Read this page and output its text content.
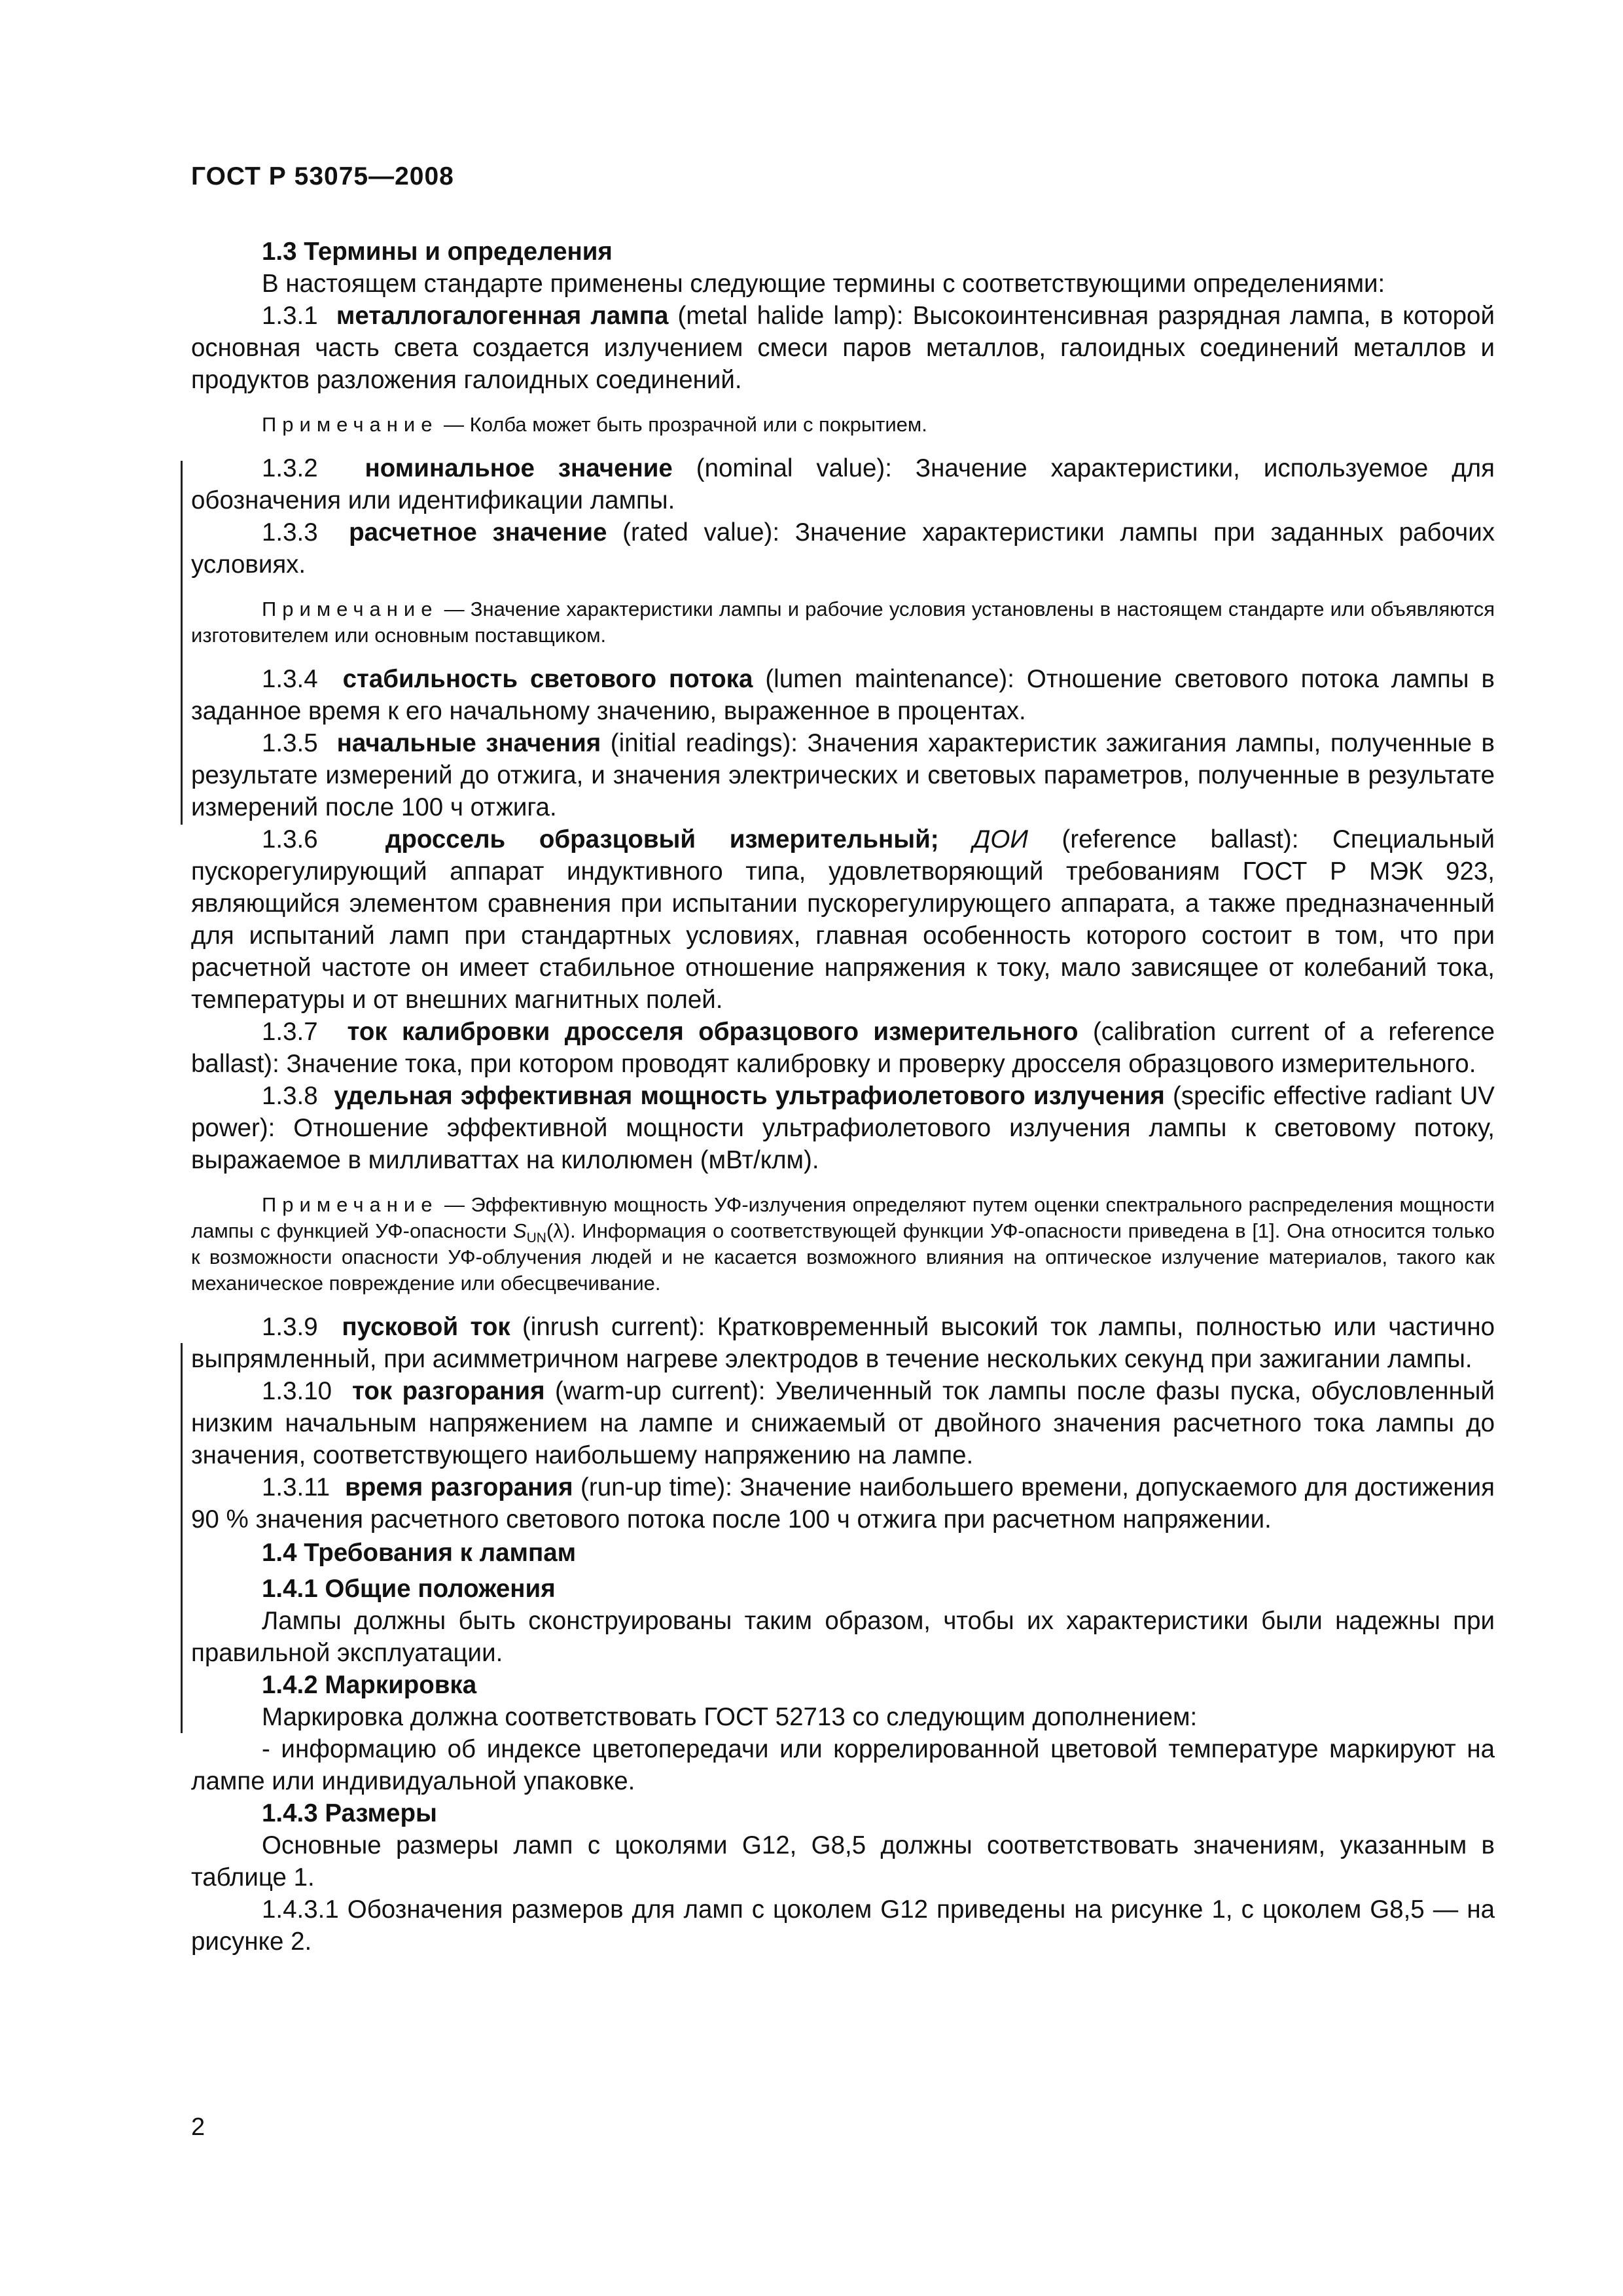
ГОСТ Р 53075—2008

1.3 Термины и определения

В настоящем стандарте применены следующие термины с соответствующими определениями:

1.3.1 металлогалогенная лампа (metal halide lamp): Высокоинтенсивная разрядная лампа, в которой основная часть света создается излучением смеси паров металлов, галоидных соединений металлов и продуктов разложения галоидных соединений.

Примечание — Колба может быть прозрачной или с покрытием.

1.3.2 номинальное значение (nominal value): Значение характеристики, используемое для обозначения или идентификации лампы.

1.3.3 расчетное значение (rated value): Значение характеристики лампы при заданных рабочих условиях.

Примечание — Значение характеристики лампы и рабочие условия установлены в настоящем стандарте или объявляются изготовителем или основным поставщиком.

1.3.4 стабильность светового потока (lumen maintenance): Отношение светового потока лампы в заданное время к его начальному значению, выраженное в процентах.

1.3.5 начальные значения (initial readings): Значения характеристик зажигания лампы, полученные в результате измерений до отжига, и значения электрических и световых параметров, полученные в результате измерений после 100 ч отжига.

1.3.6	дроссель образцовый измерительный; ДОИ (reference ballast): Специальный пускорегулирующий аппарат индуктивного типа, удовлетворяющий требованиям ГОСТ Р МЭК 923, являющийся элементом сравнения при испытании пускорегулирующего аппарата, а также предназначенный для испытаний ламп при стандартных условиях, главная особенность которого состоит в том, что при расчетной частоте он имеет стабильное отношение напряжения к току, мало зависящее от колебаний тока, температуры и от внешних магнитных полей.

1.3.7 ток калибровки дросселя образцового измерительного (calibration current of a reference ballast): Значение тока, при котором проводят калибровку и проверку дросселя образцового измерительного.

1.3.8 удельная эффективная мощность ультрафиолетового излучения (specific effective radiant UV power): Отношение эффективной мощности ультрафиолетового излучения лампы к световому потоку, выражаемое в милливаттах на килолюмен (мВт/клм).

Примечание — Эффективную мощность УФ-излучения определяют путем оценки спектрального распределения мощности лампы с функцией УФ-опасности $S_{UN}(\lambda)$. Информация о соответствующей функции УФ-опасности приведена в [1]. Она относится только к возможности опасности УФ-облучения людей и не касается возможного влияния на оптическое излучение материалов, такого как механическое повреждение или обесцвечивание.

1.3.9 пусковой ток (inrush current): Кратковременный высокий ток лампы, полностью или частично выпрямленный, при асимметричном нагреве электродов в течение нескольких секунд при зажигании лампы.

1.3.10 ток разгорания (warm-up current): Увеличенный ток лампы после фазы пуска, обусловленный низким начальным напряжением на лампе и снижаемый от двойного значения расчетного тока лампы до значения, соответствующего наибольшему напряжению на лампе.

1.3.11 время разгорания (run-up time): Значение наибольшего времени, допускаемого для достижения 90 % значения расчетного светового потока после 100 ч отжига при расчетном напряжении.

1.4 Требования к лампам

1.4.1 Общие положения

Лампы должны быть сконструированы таким образом, чтобы их характеристики были надежны при правильной эксплуатации.

1.4.2 Маркировка

Маркировка должна соответствовать ГОСТ 52713 со следующим дополнением:

- информацию об индексе цветопередачи или коррелированной цветовой температуре маркируют на лампе или индивидуальной упаковке.

1.4.3 Размеры

Основные размеры ламп с цоколями G12, G8,5 должны соответствовать значениям, указанным в таблице 1.

1.4.3.1 Обозначения размеров для ламп с цоколем G12 приведены на рисунке 1, с цоколем G8,5 — на рисунке 2.

2
